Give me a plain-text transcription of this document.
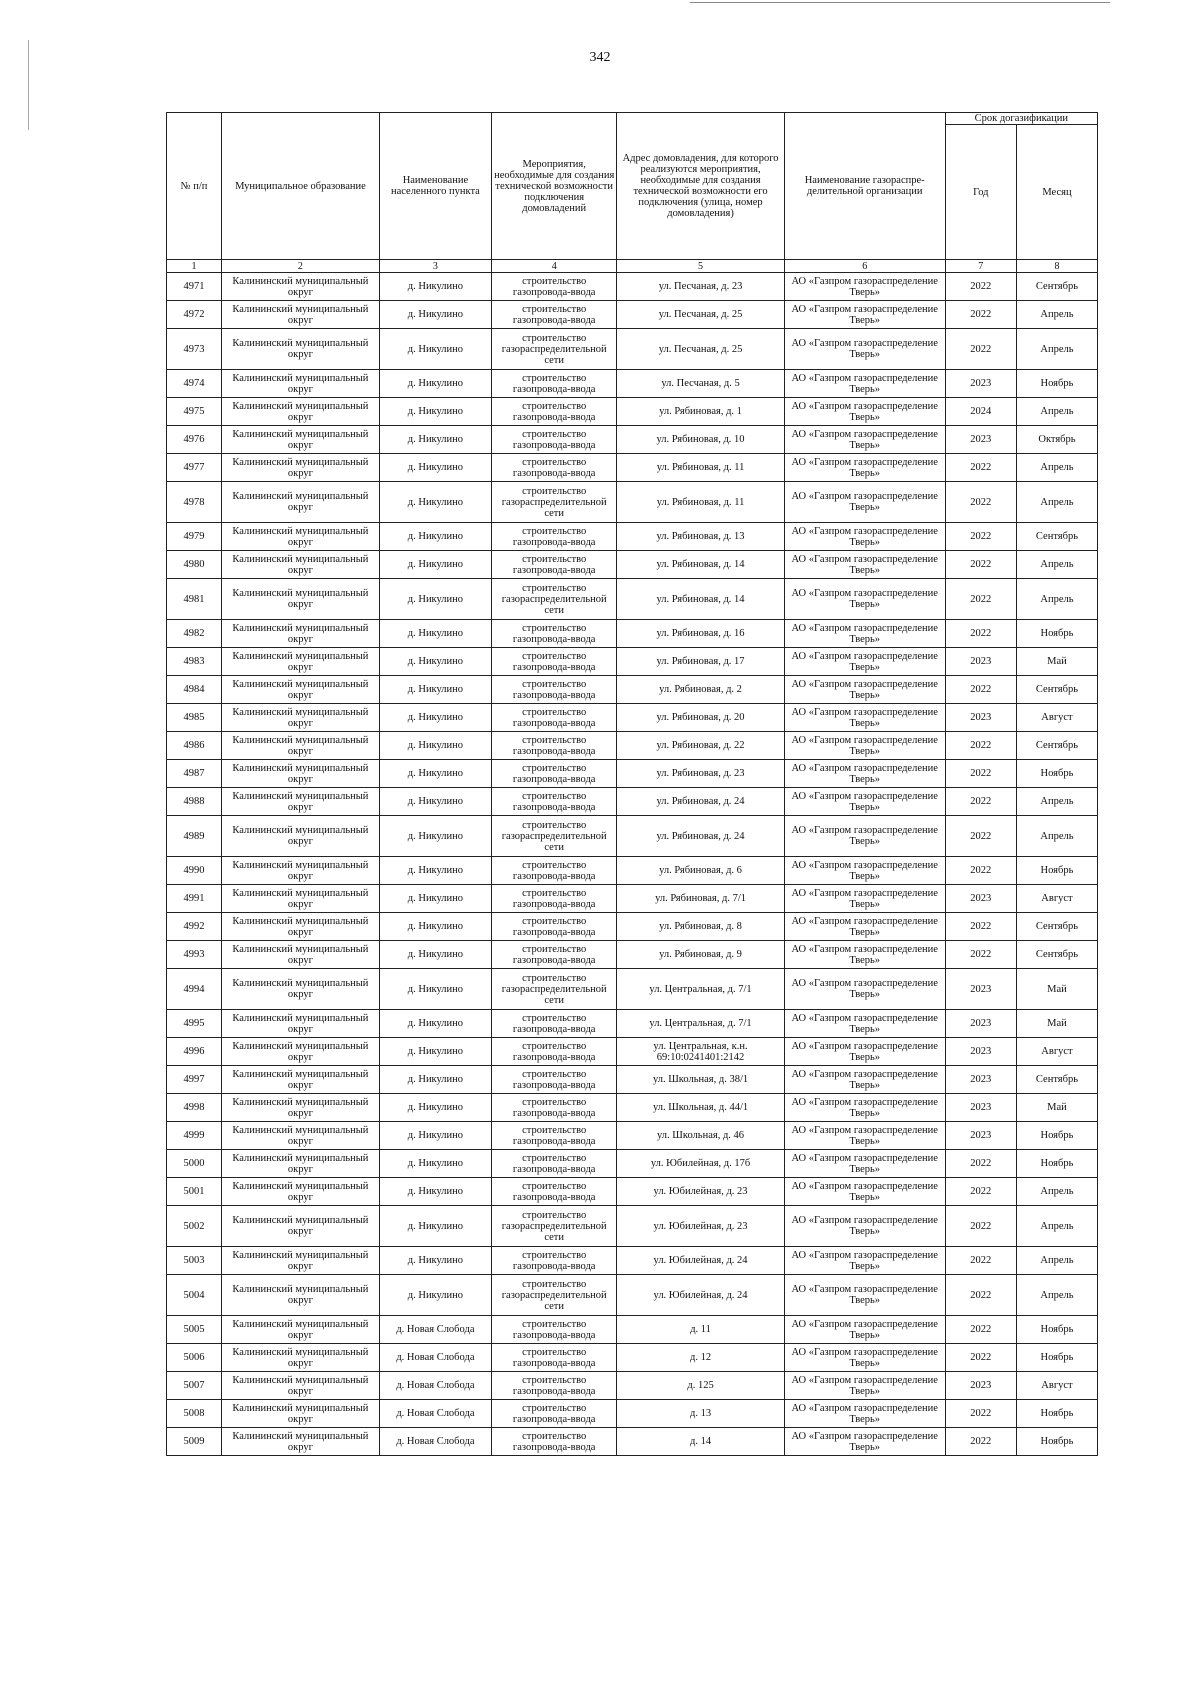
342
№ п/п	Муниципальное образование	Наименование населенного пункта	Мероприятия, необходимые для создания технической возможности подключения домовладений	Адрес домовладения, для которого реализуются мероприятия, необходимые для создания технической возможности его подключения (улица, номер домовладения)	Наименование газораспре-делительной организации	Срок догазификации	
						Год	Месяц
1	2	3	4	5	6	7	8
4971	Калининский муниципальный округ	д. Никулино	строительство газопровода-ввода	ул. Песчаная, д. 23	АО «Газпром газораспределение Тверь»	2022	Сентябрь
4972	Калининский муниципальный округ	д. Никулино	строительство газопровода-ввода	ул. Песчаная, д. 25	АО «Газпром газораспределение Тверь»	2022	Апрель
4973	Калининский муниципальный округ	д. Никулино	строительство газораспределительной сети	ул. Песчаная, д. 25	АО «Газпром газораспределение Тверь»	2022	Апрель
4974	Калининский муниципальный округ	д. Никулино	строительство газопровода-ввода	ул. Песчаная, д. 5	АО «Газпром газораспределение Тверь»	2023	Ноябрь
4975	Калининский муниципальный округ	д. Никулино	строительство газопровода-ввода	ул. Рябиновая, д. 1	АО «Газпром газораспределение Тверь»	2024	Апрель
4976	Калининский муниципальный округ	д. Никулино	строительство газопровода-ввода	ул. Рябиновая, д. 10	АО «Газпром газораспределение Тверь»	2023	Октябрь
4977	Калининский муниципальный округ	д. Никулино	строительство газопровода-ввода	ул. Рябиновая, д. 11	АО «Газпром газораспределение Тверь»	2022	Апрель
4978	Калининский муниципальный округ	д. Никулино	строительство газораспределительной сети	ул. Рябиновая, д. 11	АО «Газпром газораспределение Тверь»	2022	Апрель
4979	Калининский муниципальный округ	д. Никулино	строительство газопровода-ввода	ул. Рябиновая, д. 13	АО «Газпром газораспределение Тверь»	2022	Сентябрь
4980	Калининский муниципальный округ	д. Никулино	строительство газопровода-ввода	ул. Рябиновая, д. 14	АО «Газпром газораспределение Тверь»	2022	Апрель
4981	Калининский муниципальный округ	д. Никулино	строительство газораспределительной сети	ул. Рябиновая, д. 14	АО «Газпром газораспределение Тверь»	2022	Апрель
4982	Калининский муниципальный округ	д. Никулино	строительство газопровода-ввода	ул. Рябиновая, д. 16	АО «Газпром газораспределение Тверь»	2022	Ноябрь
4983	Калининский муниципальный округ	д. Никулино	строительство газопровода-ввода	ул. Рябиновая, д. 17	АО «Газпром газораспределение Тверь»	2023	Май
4984	Калининский муниципальный округ	д. Никулино	строительство газопровода-ввода	ул. Рябиновая, д. 2	АО «Газпром газораспределение Тверь»	2022	Сентябрь
4985	Калининский муниципальный округ	д. Никулино	строительство газопровода-ввода	ул. Рябиновая, д. 20	АО «Газпром газораспределение Тверь»	2023	Август
4986	Калининский муниципальный округ	д. Никулино	строительство газопровода-ввода	ул. Рябиновая, д. 22	АО «Газпром газораспределение Тверь»	2022	Сентябрь
4987	Калининский муниципальный округ	д. Никулино	строительство газопровода-ввода	ул. Рябиновая, д. 23	АО «Газпром газораспределение Тверь»	2022	Ноябрь
4988	Калининский муниципальный округ	д. Никулино	строительство газопровода-ввода	ул. Рябиновая, д. 24	АО «Газпром газораспределение Тверь»	2022	Апрель
4989	Калининский муниципальный округ	д. Никулино	строительство газораспределительной сети	ул. Рябиновая, д. 24	АО «Газпром газораспределение Тверь»	2022	Апрель
4990	Калининский муниципальный округ	д. Никулино	строительство газопровода-ввода	ул. Рябиновая, д. 6	АО «Газпром газораспределение Тверь»	2022	Ноябрь
4991	Калининский муниципальный округ	д. Никулино	строительство газопровода-ввода	ул. Рябиновая, д. 7/1	АО «Газпром газораспределение Тверь»	2023	Август
4992	Калининский муниципальный округ	д. Никулино	строительство газопровода-ввода	ул. Рябиновая, д. 8	АО «Газпром газораспределение Тверь»	2022	Сентябрь
4993	Калининский муниципальный округ	д. Никулино	строительство газопровода-ввода	ул. Рябиновая, д. 9	АО «Газпром газораспределение Тверь»	2022	Сентябрь
4994	Калининский муниципальный округ	д. Никулино	строительство газораспределительной сети	ул. Центральная, д. 7/1	АО «Газпром газораспределение Тверь»	2023	Май
4995	Калининский муниципальный округ	д. Никулино	строительство газопровода-ввода	ул. Центральная, д. 7/1	АО «Газпром газораспределение Тверь»	2023	Май
4996	Калининский муниципальный округ	д. Никулино	строительство газопровода-ввода	ул. Центральная, к.н. 69:10:0241401:2142	АО «Газпром газораспределение Тверь»	2023	Август
4997	Калининский муниципальный округ	д. Никулино	строительство газопровода-ввода	ул. Школьная, д. 38/1	АО «Газпром газораспределение Тверь»	2023	Сентябрь
4998	Калининский муниципальный округ	д. Никулино	строительство газопровода-ввода	ул. Школьная, д. 44/1	АО «Газпром газораспределение Тверь»	2023	Май
4999	Калининский муниципальный округ	д. Никулино	строительство газопровода-ввода	ул. Школьная, д. 46	АО «Газпром газораспределение Тверь»	2023	Ноябрь
5000	Калининский муниципальный округ	д. Никулино	строительство газопровода-ввода	ул. Юбилейная, д. 17б	АО «Газпром газораспределение Тверь»	2022	Ноябрь
5001	Калининский муниципальный округ	д. Никулино	строительство газопровода-ввода	ул. Юбилейная, д. 23	АО «Газпром газораспределение Тверь»	2022	Апрель
5002	Калининский муниципальный округ	д. Никулино	строительство газораспределительной сети	ул. Юбилейная, д. 23	АО «Газпром газораспределение Тверь»	2022	Апрель
5003	Калининский муниципальный округ	д. Никулино	строительство газопровода-ввода	ул. Юбилейная, д. 24	АО «Газпром газораспределение Тверь»	2022	Апрель
5004	Калининский муниципальный округ	д. Никулино	строительство газораспределительной сети	ул. Юбилейная, д. 24	АО «Газпром газораспределение Тверь»	2022	Апрель
5005	Калининский муниципальный округ	д. Новая Слобода	строительство газопровода-ввода	д. 11	АО «Газпром газораспределение Тверь»	2022	Ноябрь
5006	Калининский муниципальный округ	д. Новая Слобода	строительство газопровода-ввода	д. 12	АО «Газпром газораспределение Тверь»	2022	Ноябрь
5007	Калининский муниципальный округ	д. Новая Слобода	строительство газопровода-ввода	д. 125	АО «Газпром газораспределение Тверь»	2023	Август
5008	Калининский муниципальный округ	д. Новая Слобода	строительство газопровода-ввода	д. 13	АО «Газпром газораспределение Тверь»	2022	Ноябрь
5009	Калининский муниципальный округ	д. Новая Слобода	строительство газопровода-ввода	д. 14	АО «Газпром газораспределение Тверь»	2022	Ноябрь
